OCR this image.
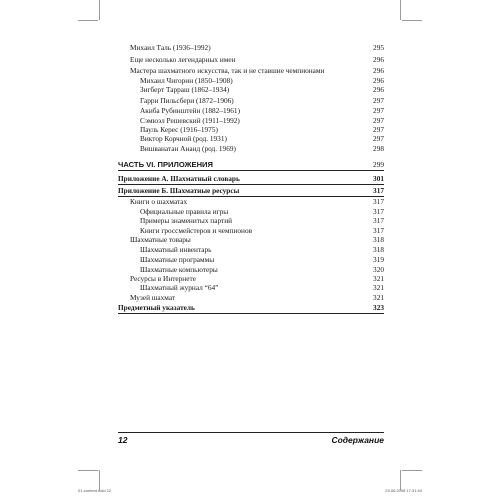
Михаил Таль (1936–1992)	295
Еще несколько легендарных имен	296
Мастера шахматного искусства, так и не ставшие чемпионами	296
Михаил Чигорин (1850–1908)	296
Зигберт Тарраш (1862–1934)	296
Гарри Пильсбери (1872–1906)	297
Акиба Рубинштейн (1882–1961)	297
Сэмюэл Решевский (1911–1992)	297
Пауль Керес (1916–1975)	297
Виктор Корчной (род. 1931)	297
Вишванатан Ананд (род. 1969)	298
ЧАСТЬ VI. ПРИЛОЖЕНИЯ	299
Приложение А. Шахматный словарь	301
Приложение Б. Шахматные ресурсы	317
Книги о шахматах	317
Официальные правила игры	317
Примеры знаменитых партий	317
Книги гроссмейстеров и чемпионов	317
Шахматные товары	318
Шахматный инвентарь	318
Шахматные программы	319
Шахматные компьютеры	320
Ресурсы в Интернете	321
Шахматный журнал “64”	321
Музей шахмат	321
Предметный указатель	323
12	Содержание
01-content.indd 12	23.06.2008 17:31:44
